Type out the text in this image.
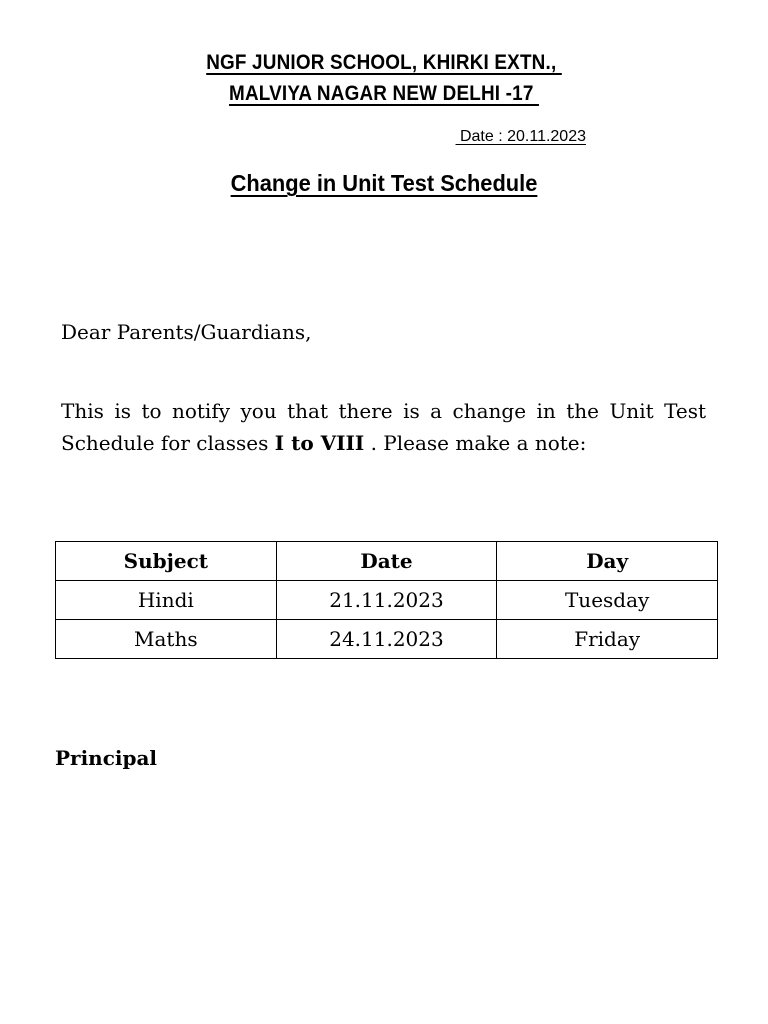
NGF JUNIOR SCHOOL, KHIRKI EXTN.,
MALVIYA NAGAR NEW DELHI -17
Date : 20.11.2023
Change in Unit Test Schedule
Dear Parents/Guardians,
This is to notify you that there is a change in the Unit Test Schedule for classes I to VIII . Please make a note:
Subject	Date	Day
Hindi	21.11.2023	Tuesday
Maths	24.11.2023	Friday
Principal
